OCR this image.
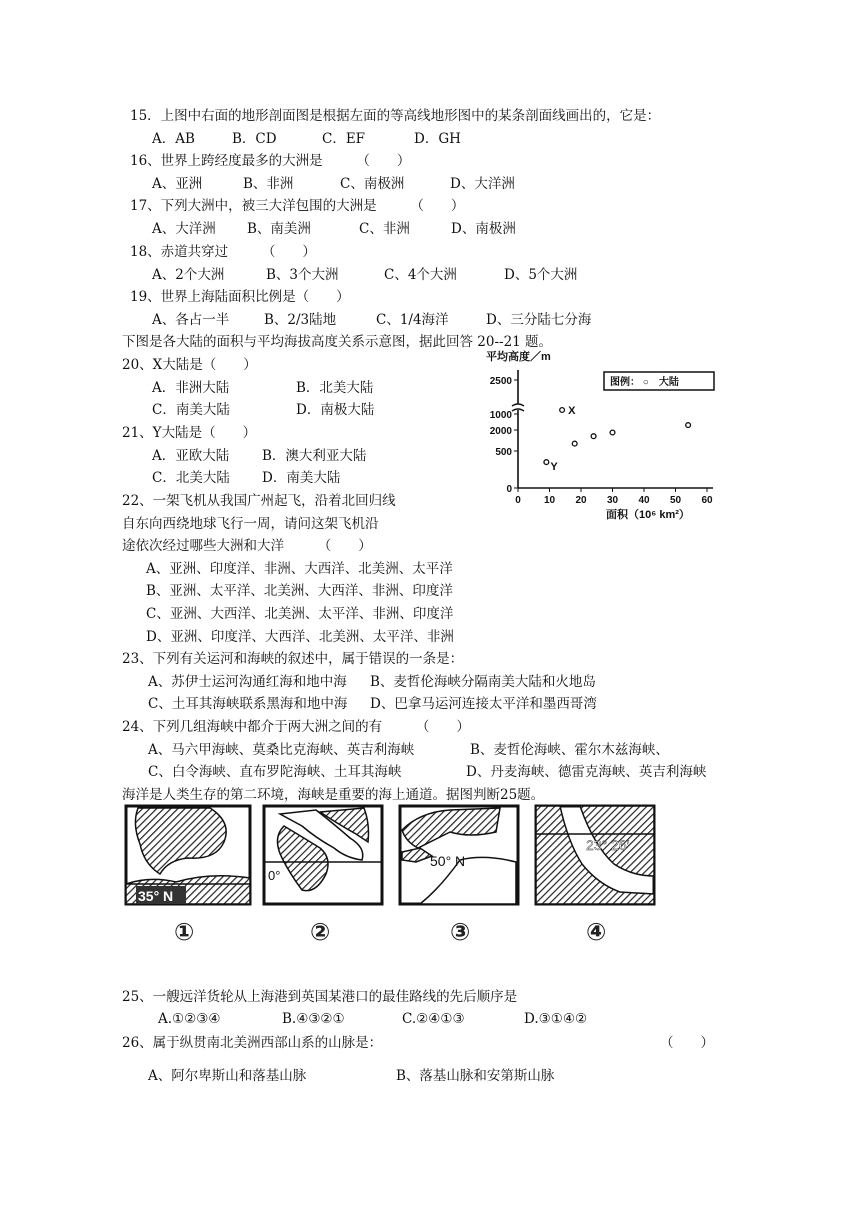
15．上图中右面的地形剖面图是根据左面的等高线地形图中的某条剖面线画出的，它是：
A．AB	B．CD	C．EF	D．GH
16、世界上跨经度最多的大洲是　　　（　　）
A、亚洲	B、非洲	C、南极洲	D、大洋洲
17、下列大洲中，被三大洋包围的大洲是　　　（　　）
A、大洋洲 B、南美洲	C、非洲	D、南极洲
18、赤道共穿过　　　（　　）
A、2个大洲	B、3个大洲	C、4个大洲	D、5个大洲
19、世界上海陆面积比例是（　　）
A、各占一半	B、2/3陆地	C、1/4海洋	D、三分陆七分海
下图是各大陆的面积与平均海拔高度关系示意图，据此回答 20--21 题。
20、X大陆是（　　）
A．非洲大陆	B．北美大陆
C．南美大陆	D．南极大陆
21、Y大陆是（　　）
A．亚欧大陆 B．澳大利亚大陆
C．北美大陆 D．南美大陆
22、一架飞机从我国广州起飞，沿着北回归线
自东向西绕地球飞行一周，请问这架飞机沿
途依次经过哪些大洲和大洋　　　（　　）
A、亚洲、印度洋、非洲、大西洋、北美洲、太平洋
B、亚洲、太平洋、北美洲、大西洋、非洲、印度洋
C、亚洲、大西洋、北美洲、太平洋、非洲、印度洋
D、亚洲、印度洋、大西洋、北美洲、太平洋、非洲
23、下列有关运河和海峡的叙述中，属于错误的一条是：
A、苏伊士运河沟通红海和地中海 B、麦哲伦海峡分隔南美大陆和火地岛
C、土耳其海峡联系黑海和地中海 D、巴拿马运河连接太平洋和墨西哥湾
24、下列几组海峡中都介于两大洲之间的有　　　（　　）
A、马六甲海峡、莫桑比克海峡、英吉利海峡	B、麦哲伦海峡、霍尔木兹海峡、
C、白令海峡、直布罗陀海峡、土耳其海峡	D、丹麦海峡、德雷克海峡、英吉利海峡
海洋是人类生存的第二环境，海峡是重要的海上通道。据图判断25题。
35° N
①
0°
②
50° N
③
23° 26′
④
25、一艘远洋货轮从上海港到英国某港口的最佳路线的先后顺序是
A.①②③④	B.④③②①	C.②④①③	D.③①④②
26、属于纵贯南北美洲西部山系的山脉是：	（　　）
A、阿尔卑斯山和落基山脉	B、落基山脉和安第斯山脉
平均高度／m
面积（10⁶ km²）
图例： ○　大陆
0 10 20 30 40 50 60
0
500
1000
2000
2500
Y
X
